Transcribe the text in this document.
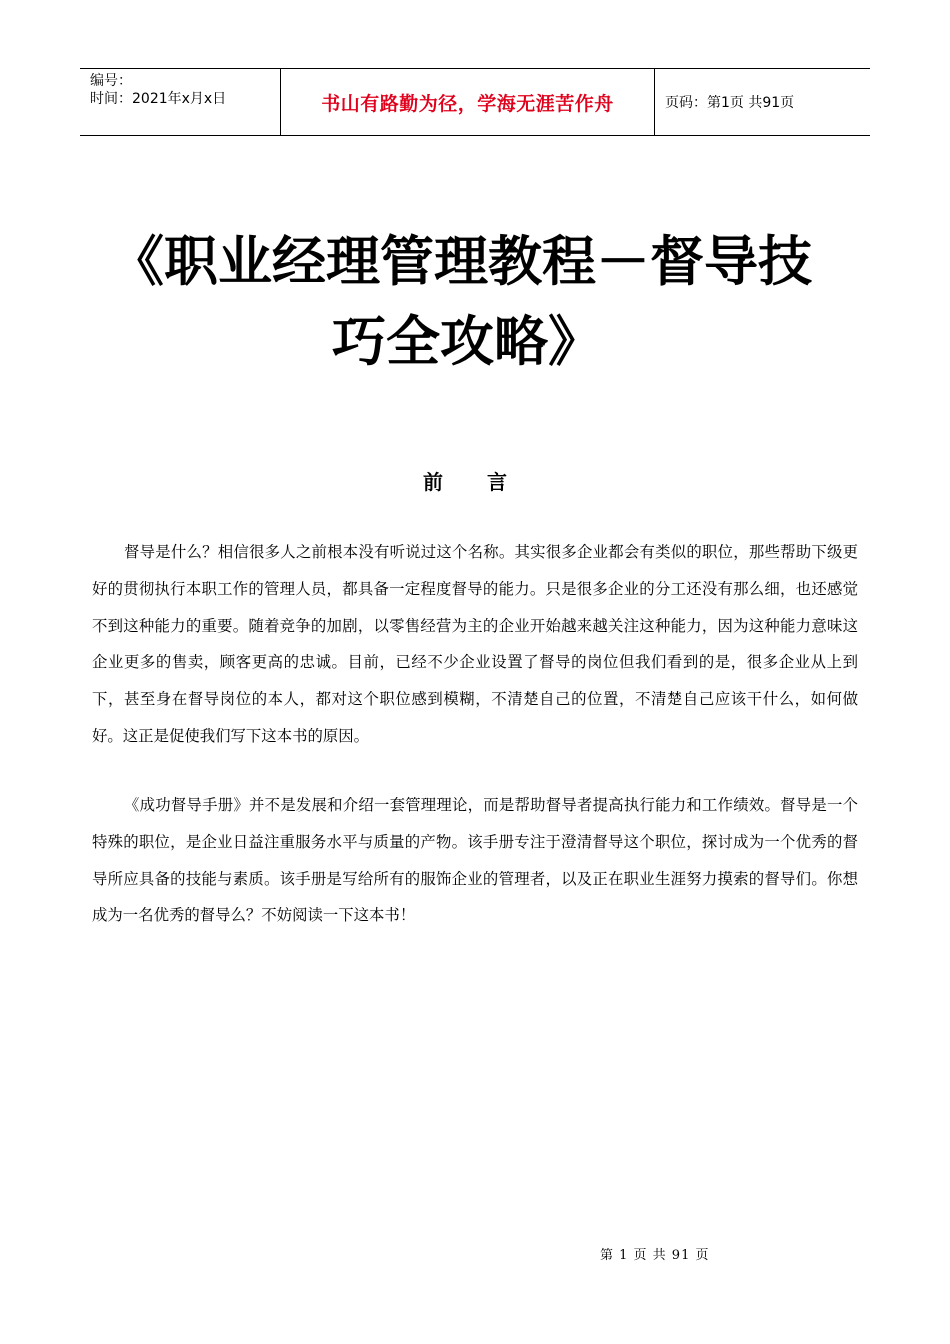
编号：
时间：2021年x月x日	书山有路勤为径，学海无涯苦作舟	页码：第1页 共91页
《职业经理管理教程－督导技
巧全攻略》
前言

督导是什么？相信很多人之前根本没有听说过这个名称。其实很多企业都会有类似的职位，那些帮助下级更好的贯彻执行本职工作的管理人员，都具备一定程度督导的能力。只是很多企业的分工还没有那么细，也还感觉不到这种能力的重要。随着竞争的加剧，以零售经营为主的企业开始越来越关注这种能力，因为这种能力意味这企业更多的售卖，顾客更高的忠诚。目前，已经不少企业设置了督导的岗位但我们看到的是，很多企业从上到下，甚至身在督导岗位的本人，都对这个职位感到模糊，不清楚自己的位置，不清楚自己应该干什么，如何做好。这正是促使我们写下这本书的原因。

《成功督导手册》并不是发展和介绍一套管理理论，而是帮助督导者提高执行能力和工作绩效。督导是一个特殊的职位，是企业日益注重服务水平与质量的产物。该手册专注于澄清督导这个职位，探讨成为一个优秀的督导所应具备的技能与素质。该手册是写给所有的服饰企业的管理者，以及正在职业生涯努力摸索的督导们。你想成为一名优秀的督导么？不妨阅读一下这本书！

第 1 页 共 91 页
